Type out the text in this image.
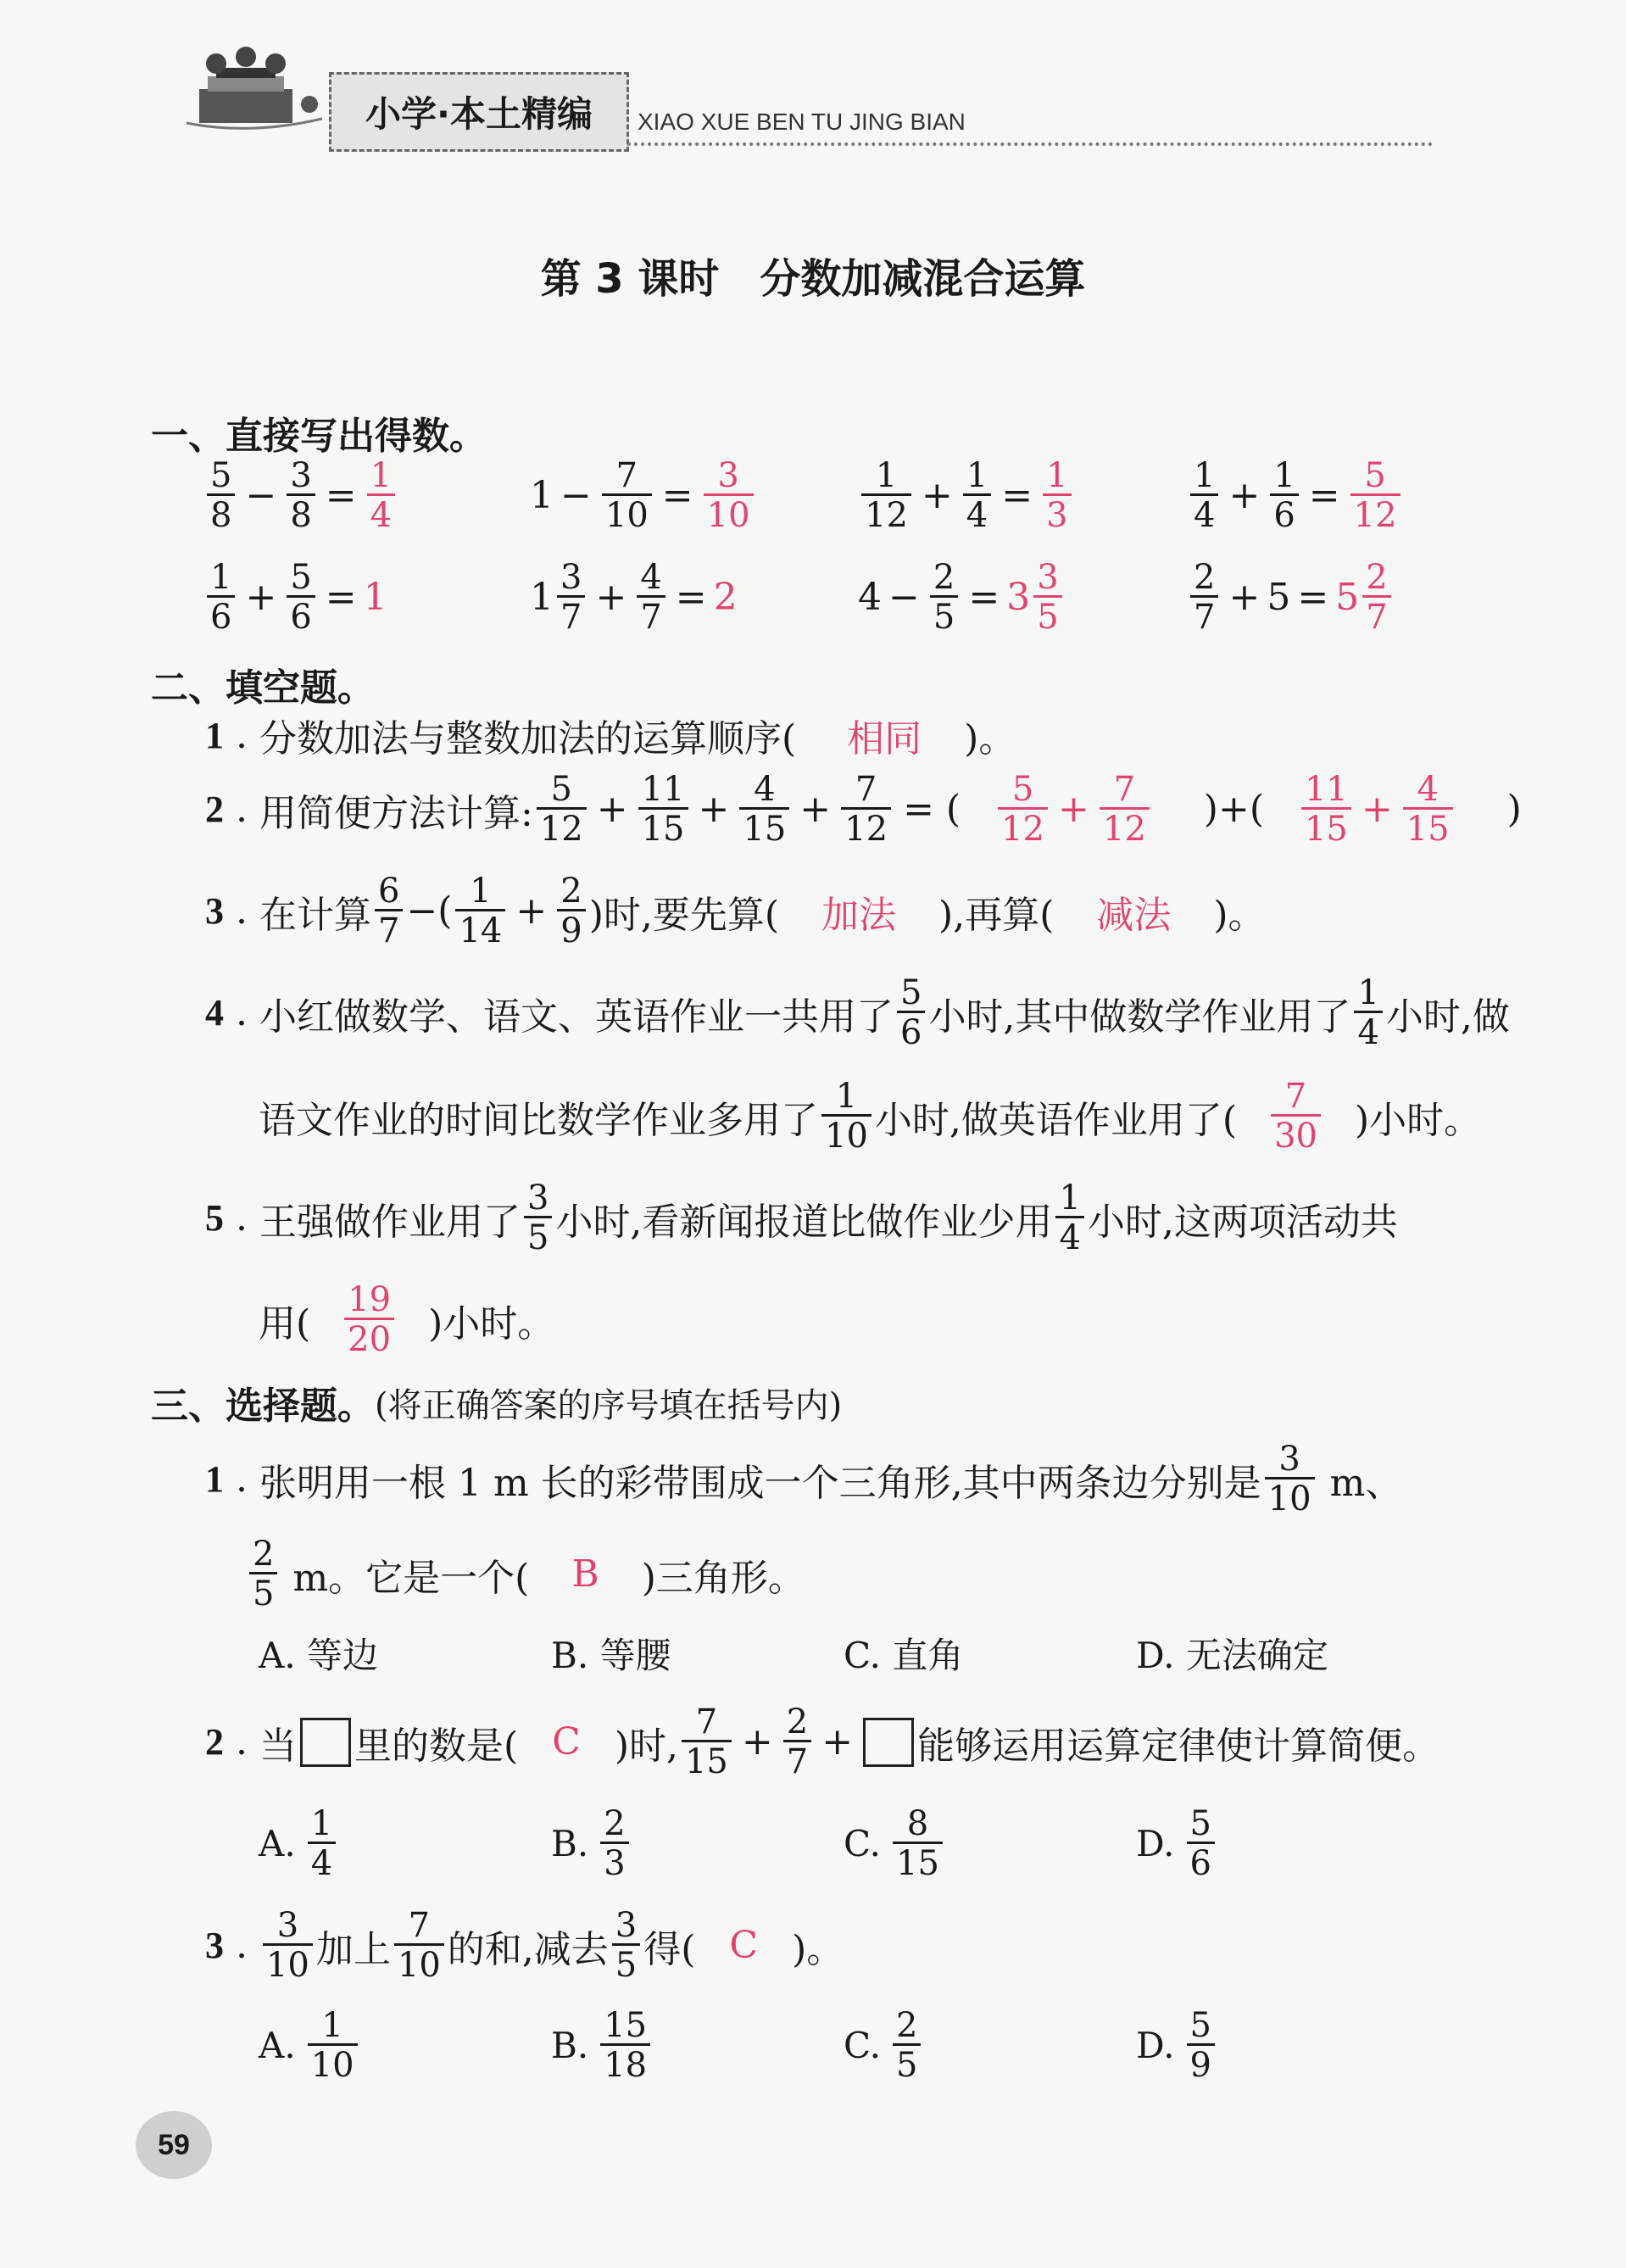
小学·本土精编 XIAO XUE BEN TU JING BIAN
第 3 课时　分数加减混合运算
一、直接写出得数。
$\frac{5}{8} - \frac{3}{8} = \frac{1}{4}$	$1 - \frac{7}{10} = \frac{3}{10}$	$\frac{1}{12} + \frac{1}{4} = \frac{1}{3}$	$\frac{1}{4} + \frac{1}{6} = \frac{5}{12}$
$\frac{1}{6} + \frac{5}{6} = 1$	$1 \frac{3}{7} + \frac{4}{7} = 2$	$4 - \frac{2}{5} = 3 \frac{3}{5}$	$\frac{2}{7} + 5 = 5 \frac{2}{7}$
二、填空题。
1 . 分数加法与整数加法的运算顺序( 相同 )。
2 . 用简便方法计算: $\frac{5}{12} + \frac{11}{15} + \frac{4}{15} + \frac{7}{12}$ = ( $\frac{5}{12} + \frac{7}{12}$ )+( $\frac{11}{15} + \frac{4}{15}$ )
3 . 在计算 $\frac{6}{7}$ −( $\frac{1}{14} + \frac{2}{9}$ )时,要先算( 加法 ),再算( 减法 )。
4 . 小红做数学、语文、英语作业一共用了 $\frac{5}{6}$ 小时,其中做数学作业用了 $\frac{1}{4}$ 小时,做
语文作业的时间比数学作业多用了 $\frac{1}{10}$ 小时,做英语作业用了( $\frac{7}{30}$ )小时。
5 . 王强做作业用了 $\frac{3}{5}$ 小时,看新闻报道比做作业少用 $\frac{1}{4}$ 小时,这两项活动共
用( $\frac{19}{20}$ )小时。
三、选择题。 (将正确答案的序号填在括号内)
1 . 张明用一根 1 m 长的彩带围成一个三角形,其中两条边分别是 $\frac{3}{10}$ m、
$\frac{2}{5}$ m。它是一个( B )三角形。
A. 等边	B. 等腰	C. 直角	D. 无法确定
2 . 当 里的数是( C )时, $\frac{7}{15} + \frac{2}{7}$ + 能够运用运算定律使计算简便。
A. $\frac{1}{4}$	B. $\frac{2}{3}$	C. $\frac{8}{15}$	D. $\frac{5}{6}$
3 . $\frac{3}{10}$ 加上 $\frac{7}{10}$ 的和,减去 $\frac{3}{5}$ 得( C )。
A. $\frac{1}{10}$	B. $\frac{15}{18}$	C. $\frac{2}{5}$	D. $\frac{5}{9}$
59
